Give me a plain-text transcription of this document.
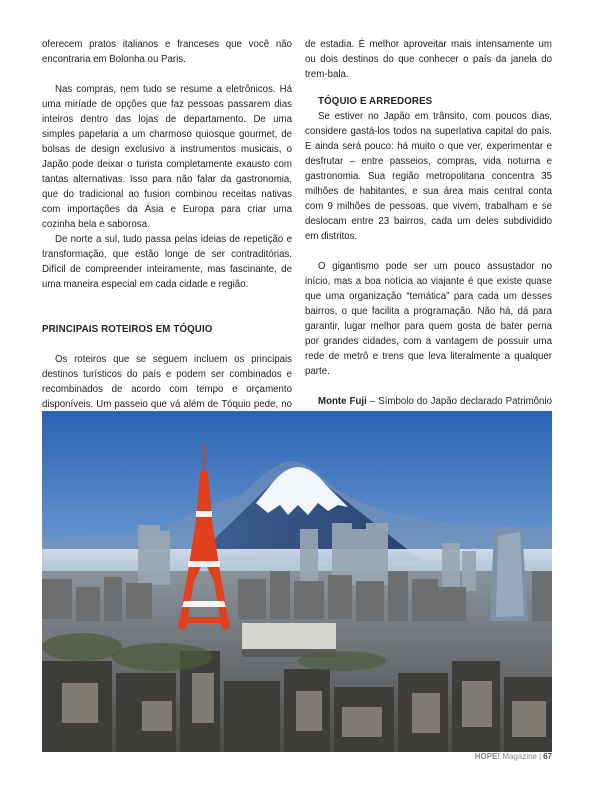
oferecem pratos italianos e franceses que você não encontraria em Bolonha ou Paris.

Nas compras, nem tudo se resume a eletrônicos. Há uma miríade de opções que faz pessoas passarem dias inteiros dentro das lojas de departamento. De uma simples papelaria a um charmoso quiosque gourmet, de bolsas de design exclusivo a instrumentos musicais, o Japão pode deixar o turista completamente exausto com tantas alternativas. Isso para não falar da gastronomia, que do tradicional ao fusion combinou receitas nativas com importações da Ásia e Europa para criar uma cozinha bela e saborosa.

De norte a sul, tudo passa pelas ideias de repetição e transformação, que estão longe de ser contraditórias. Difícil de compreender inteiramente, mas fascinante, de uma maneira especial em cada cidade e região.

PRINCIPAIS ROTEIROS EM TÓQUIO

Os roteiros que se seguem incluem os principais destinos turísticos do país e podem ser combinados e recombinados de acordo com tempo e orçamento disponíveis. Um passeio que vá além de Tóquio pede, no

de estadia. É melhor aproveitar mais intensamente um ou dois destinos do que conhecer o país da janela do trem-bala.

TÓQUIO E ARREDORES

Se estiver no Japão em trânsito, com poucos dias, considere gastá-los todos na superlativa capital do país. E ainda será pouco: há muito o que ver, experimentar e desfrutar – entre passeios, compras, vida noturna e gastronomia. Sua região metropolitana concentra 35 milhões de habitantes, e sua área mais central conta com 9 milhões de pessoas, que vivem, trabalham e se deslocam entre 23 bairros, cada um deles subdividido em distritos.

O gigantismo pode ser um pouco assustador no início, mas a boa notícia ao viajante é que existe quase que uma organização “temática” para cada um desses bairros, o que facilita a programação. Não há, dá para garantir, lugar melhor para quem gosta de bater perna por grandes cidades, com a vantagem de possuir uma rede de metrô e trens que leva literalmente a qualquer parte.

Monte Fuji – Símbolo do Japão declarado Patrimônio

HOPE! Magazine | 67
